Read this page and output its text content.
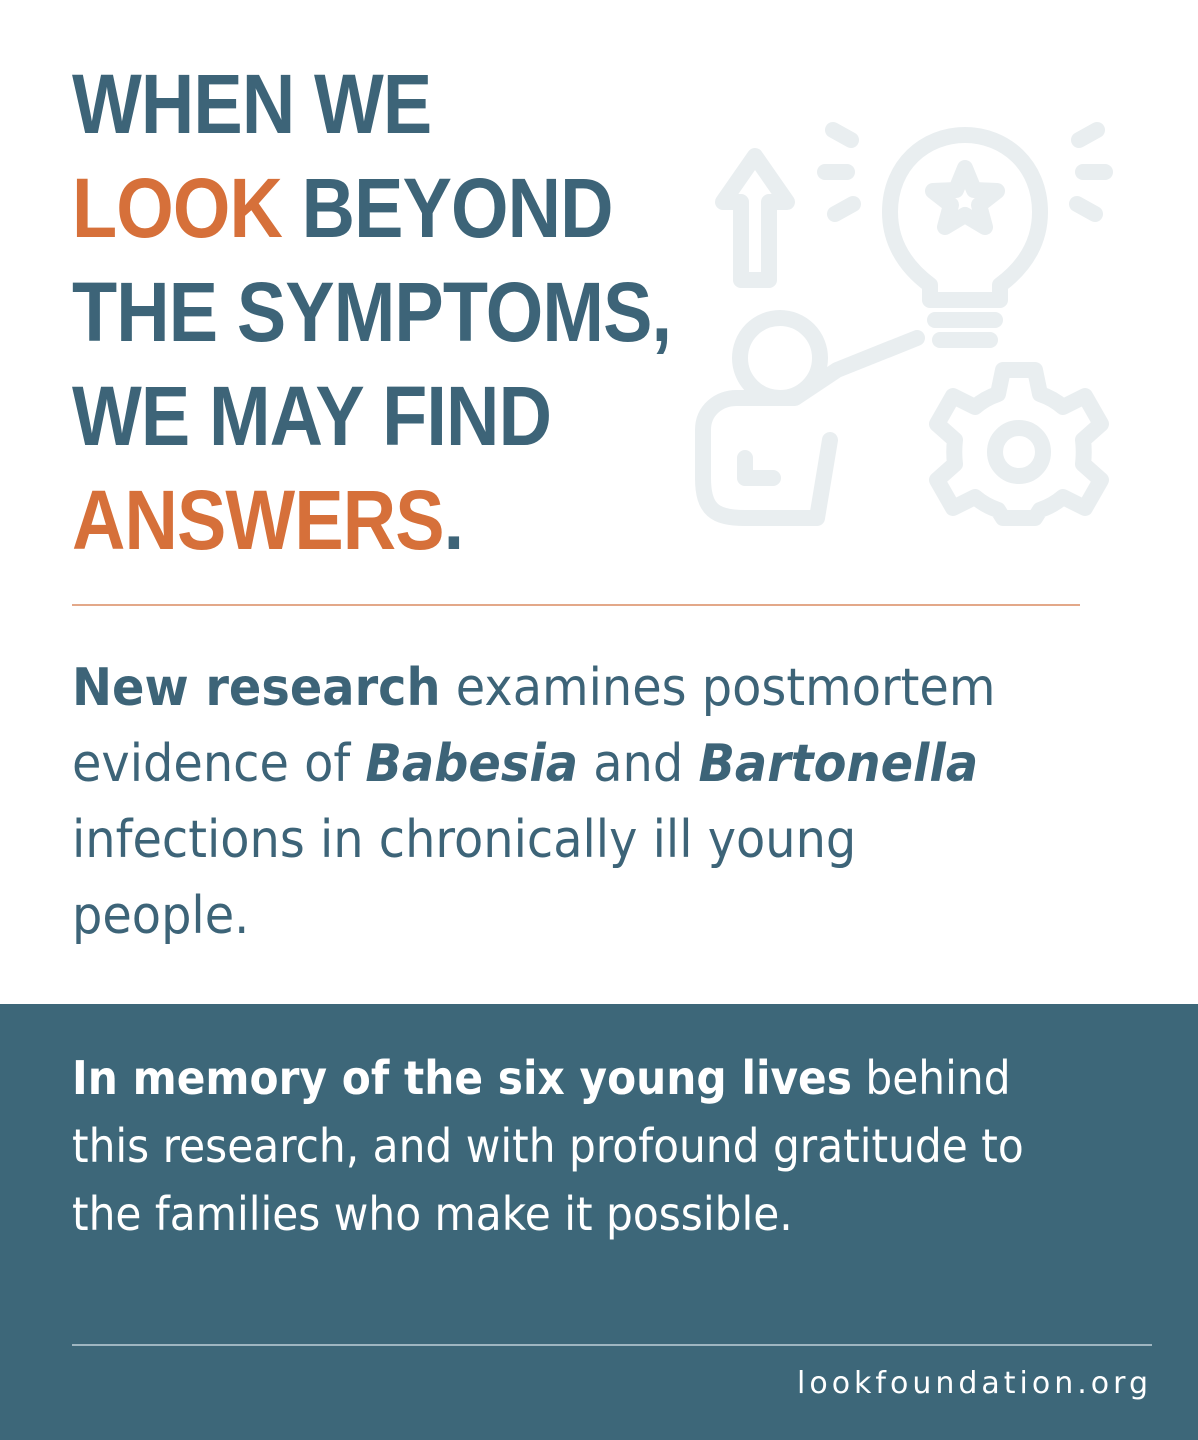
WHEN WE
LOOK BEYOND
THE SYMPTOMS,
WE MAY FIND
ANSWERS.

New research examines postmortem evidence of Babesia and Bartonella infections in chronically ill young people.

In memory of the six young lives behind this research, and with profound gratitude to the families who make it possible.

lookfoundation.org
